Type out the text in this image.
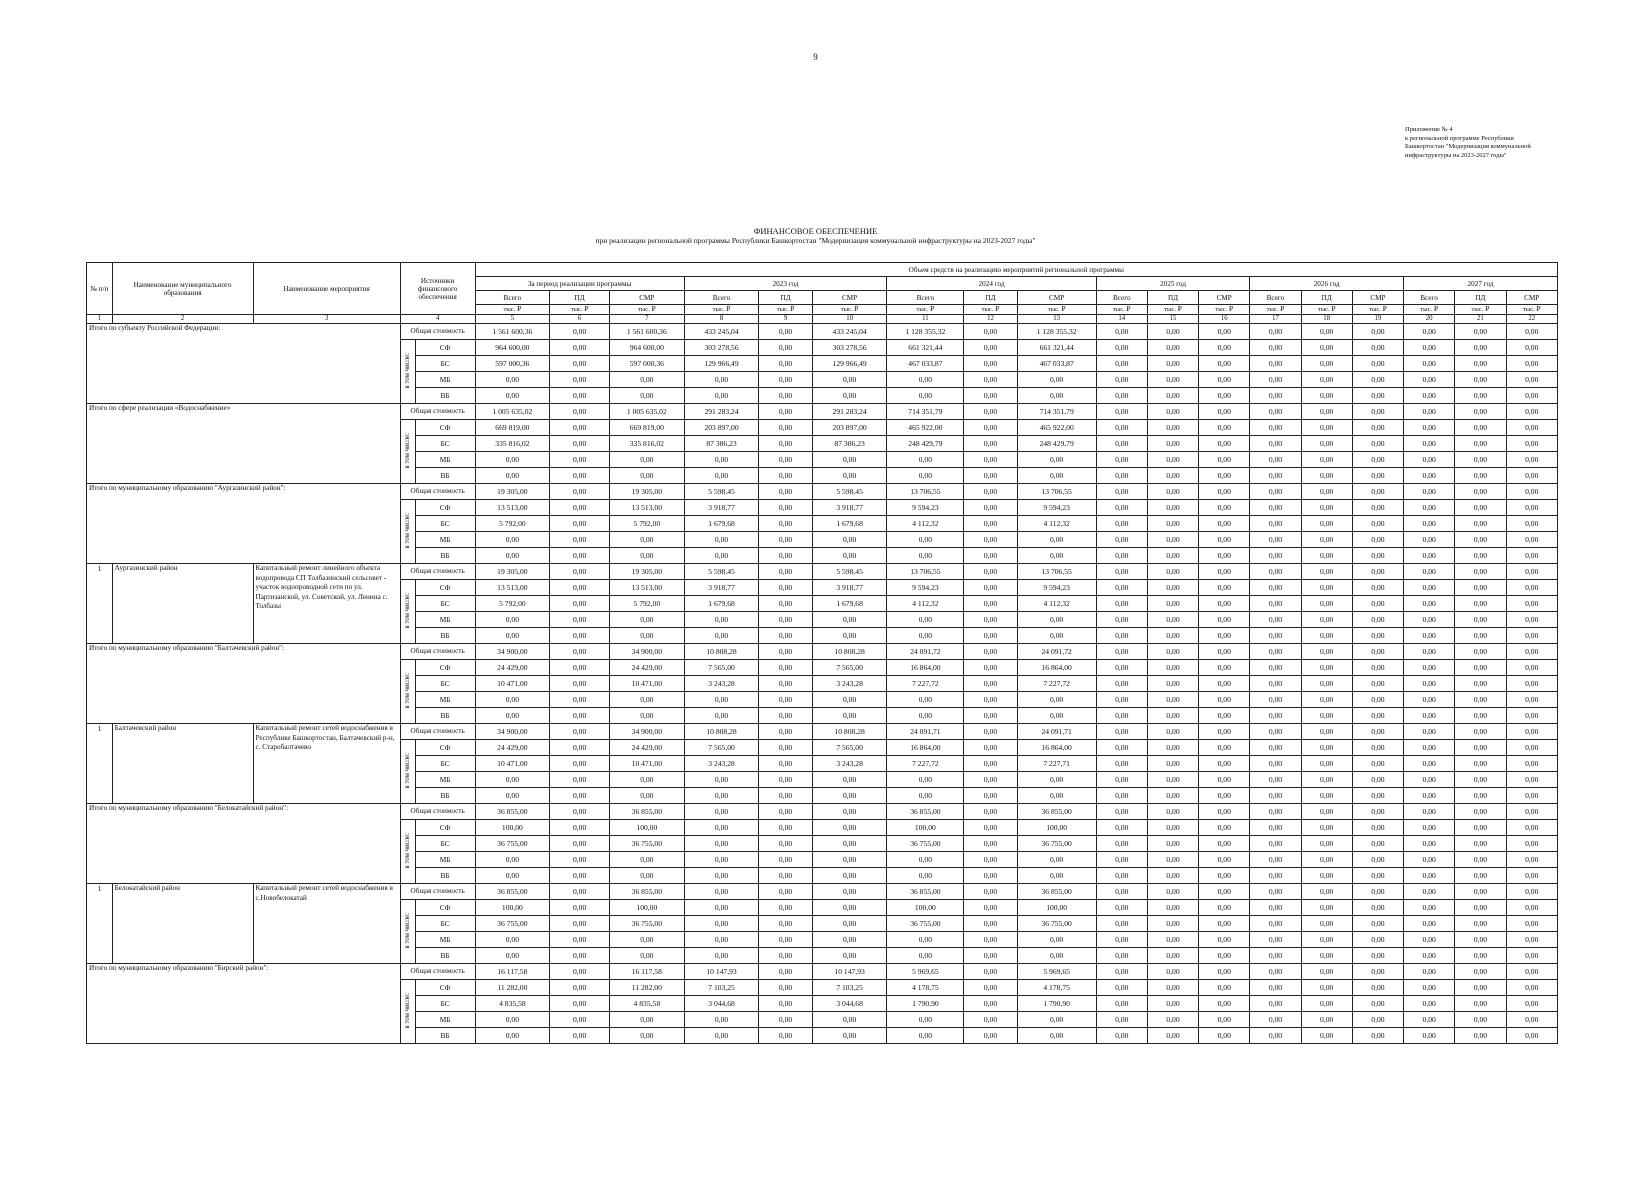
9
Приложение № 4
к региональной программе Республики
Башкортостан "Модернизация коммунальной
инфраструктуры на 2023-2027 годы"
ФИНАНСОВОЕ ОБЕСПЕЧЕНИЕ
при реализации региональной программы Республики Башкортостан "Модернизация коммунальной инфраструктуры на 2023-2027 годы"
№ п/п	Наименование муниципального образования	Наименование мероприятия	Источники финансового обеспечения		Объем средств на реализацию мероприятий региональной программы																	
					За период реализации программы			2023 год			2024 год			2025 год			2026 год			2027 год		
					Всего	ПД	СМР	Всего	ПД	СМР	Всего	ПД	СМР	Всего	ПД	СМР	Всего	ПД	СМР	Всего	ПД	СМР
					тыс. ₽	тыс. ₽	тыс. ₽	тыс. ₽	тыс. ₽	тыс. ₽	тыс. ₽	тыс. ₽	тыс. ₽	тыс. ₽	тыс. ₽	тыс. ₽	тыс. ₽	тыс. ₽	тыс. ₽	тыс. ₽	тыс. ₽	тыс. ₽
1	2	3	4		5	6	7	8	9	10	11	12	13	14	15	16	17	18	19	20	21	22
Итого по субъекту Российской Федерации:			Общая стоимость		1 561 600,36	0,00	1 561 600,36	433 245,04	0,00	433 245,04	1 128 355,32	0,00	1 128 355,32	0,00	0,00	0,00	0,00	0,00	0,00	0,00	0,00	0,00
			в том числе:	СФ	964 600,00	0,00	964 600,00	303 278,56	0,00	303 278,56	661 321,44	0,00	661 321,44	0,00	0,00	0,00	0,00	0,00	0,00	0,00	0,00	0,00
				БС	597 000,36	0,00	597 000,36	129 966,49	0,00	129 966,49	467 033,87	0,00	467 033,87	0,00	0,00	0,00	0,00	0,00	0,00	0,00	0,00	0,00
				МБ	0,00	0,00	0,00	0,00	0,00	0,00	0,00	0,00	0,00	0,00	0,00	0,00	0,00	0,00	0,00	0,00	0,00	0,00
				ВБ	0,00	0,00	0,00	0,00	0,00	0,00	0,00	0,00	0,00	0,00	0,00	0,00	0,00	0,00	0,00	0,00	0,00	0,00
Итого по сфере реализации «Водоснабжение»			Общая стоимость		1 005 635,02	0,00	1 005 635,02	291 283,24	0,00	291 283,24	714 351,79	0,00	714 351,79	0,00	0,00	0,00	0,00	0,00	0,00	0,00	0,00	0,00
			в том числе:	СФ	669 819,00	0,00	669 819,00	203 897,00	0,00	203 897,00	465 922,00	0,00	465 922,00	0,00	0,00	0,00	0,00	0,00	0,00	0,00	0,00	0,00
				БС	335 816,02	0,00	335 816,02	87 386,23	0,00	87 386,23	248 429,79	0,00	248 429,79	0,00	0,00	0,00	0,00	0,00	0,00	0,00	0,00	0,00
				МБ	0,00	0,00	0,00	0,00	0,00	0,00	0,00	0,00	0,00	0,00	0,00	0,00	0,00	0,00	0,00	0,00	0,00	0,00
				ВБ	0,00	0,00	0,00	0,00	0,00	0,00	0,00	0,00	0,00	0,00	0,00	0,00	0,00	0,00	0,00	0,00	0,00	0,00
Итого по муниципальному образованию "Аургазинский район":			Общая стоимость		19 305,00	0,00	19 305,00	5 598,45	0,00	5 598,45	13 706,55	0,00	13 706,55	0,00	0,00	0,00	0,00	0,00	0,00	0,00	0,00	0,00
			в том числе:	СФ	13 513,00	0,00	13 513,00	3 918,77	0,00	3 918,77	9 594,23	0,00	9 594,23	0,00	0,00	0,00	0,00	0,00	0,00	0,00	0,00	0,00
				БС	5 792,00	0,00	5 792,00	1 679,68	0,00	1 679,68	4 112,32	0,00	4 112,32	0,00	0,00	0,00	0,00	0,00	0,00	0,00	0,00	0,00
				МБ	0,00	0,00	0,00	0,00	0,00	0,00	0,00	0,00	0,00	0,00	0,00	0,00	0,00	0,00	0,00	0,00	0,00	0,00
				ВБ	0,00	0,00	0,00	0,00	0,00	0,00	0,00	0,00	0,00	0,00	0,00	0,00	0,00	0,00	0,00	0,00	0,00	0,00
1	Аургазинский район	Капитальный ремонт линейного объекта водопровода СП Толбазинский сельсовет - участок водопроводной сети по ул. Партизанской, ул. Советской, ул. Ленина с. Толбазы	Общая стоимость		19 305,00	0,00	19 305,00	5 598,45	0,00	5 598,45	13 706,55	0,00	13 706,55	0,00	0,00	0,00	0,00	0,00	0,00	0,00	0,00	0,00
			в том числе:	СФ	13 513,00	0,00	13 513,00	3 918,77	0,00	3 918,77	9 594,23	0,00	9 594,23	0,00	0,00	0,00	0,00	0,00	0,00	0,00	0,00	0,00
				БС	5 792,00	0,00	5 792,00	1 679,68	0,00	1 679,68	4 112,32	0,00	4 112,32	0,00	0,00	0,00	0,00	0,00	0,00	0,00	0,00	0,00
				МБ	0,00	0,00	0,00	0,00	0,00	0,00	0,00	0,00	0,00	0,00	0,00	0,00	0,00	0,00	0,00	0,00	0,00	0,00
				ВБ	0,00	0,00	0,00	0,00	0,00	0,00	0,00	0,00	0,00	0,00	0,00	0,00	0,00	0,00	0,00	0,00	0,00	0,00
Итого по муниципальному образованию "Балтачевский район":			Общая стоимость		34 900,00	0,00	34 900,00	10 808,28	0,00	10 808,28	24 091,72	0,00	24 091,72	0,00	0,00	0,00	0,00	0,00	0,00	0,00	0,00	0,00
			в том числе:	СФ	24 429,00	0,00	24 429,00	7 565,00	0,00	7 565,00	16 864,00	0,00	16 864,00	0,00	0,00	0,00	0,00	0,00	0,00	0,00	0,00	0,00
				БС	10 471,00	0,00	10 471,00	3 243,28	0,00	3 243,28	7 227,72	0,00	7 227,72	0,00	0,00	0,00	0,00	0,00	0,00	0,00	0,00	0,00
				МБ	0,00	0,00	0,00	0,00	0,00	0,00	0,00	0,00	0,00	0,00	0,00	0,00	0,00	0,00	0,00	0,00	0,00	0,00
				ВБ	0,00	0,00	0,00	0,00	0,00	0,00	0,00	0,00	0,00	0,00	0,00	0,00	0,00	0,00	0,00	0,00	0,00	0,00
1	Балтачевский район	Капитальный ремонт сетей водоснабжения в Республике Башкортостан, Балтачевский р-н, с. Старобалтачево	Общая стоимость		34 900,00	0,00	34 900,00	10 808,28	0,00	10 808,28	24 091,71	0,00	24 091,71	0,00	0,00	0,00	0,00	0,00	0,00	0,00	0,00	0,00
			в том числе:	СФ	24 429,00	0,00	24 429,00	7 565,00	0,00	7 565,00	16 864,00	0,00	16 864,00	0,00	0,00	0,00	0,00	0,00	0,00	0,00	0,00	0,00
				БС	10 471,00	0,00	10 471,00	3 243,28	0,00	3 243,28	7 227,72	0,00	7 227,71	0,00	0,00	0,00	0,00	0,00	0,00	0,00	0,00	0,00
				МБ	0,00	0,00	0,00	0,00	0,00	0,00	0,00	0,00	0,00	0,00	0,00	0,00	0,00	0,00	0,00	0,00	0,00	0,00
				ВБ	0,00	0,00	0,00	0,00	0,00	0,00	0,00	0,00	0,00	0,00	0,00	0,00	0,00	0,00	0,00	0,00	0,00	0,00
Итого по муниципальному образованию "Белокатайский район":			Общая стоимость		36 855,00	0,00	36 855,00	0,00	0,00	0,00	36 855,00	0,00	36 855,00	0,00	0,00	0,00	0,00	0,00	0,00	0,00	0,00	0,00
			в том числе:	СФ	100,00	0,00	100,00	0,00	0,00	0,00	100,00	0,00	100,00	0,00	0,00	0,00	0,00	0,00	0,00	0,00	0,00	0,00
				БС	36 755,00	0,00	36 755,00	0,00	0,00	0,00	36 755,00	0,00	36 755,00	0,00	0,00	0,00	0,00	0,00	0,00	0,00	0,00	0,00
				МБ	0,00	0,00	0,00	0,00	0,00	0,00	0,00	0,00	0,00	0,00	0,00	0,00	0,00	0,00	0,00	0,00	0,00	0,00
				ВБ	0,00	0,00	0,00	0,00	0,00	0,00	0,00	0,00	0,00	0,00	0,00	0,00	0,00	0,00	0,00	0,00	0,00	0,00
1	Белокатайский район	Капитальный ремонт сетей водоснабжения в с.Новобелокатай	Общая стоимость		36 855,00	0,00	36 855,00	0,00	0,00	0,00	36 855,00	0,00	36 855,00	0,00	0,00	0,00	0,00	0,00	0,00	0,00	0,00	0,00
			в том числе:	СФ	100,00	0,00	100,00	0,00	0,00	0,00	100,00	0,00	100,00	0,00	0,00	0,00	0,00	0,00	0,00	0,00	0,00	0,00
				БС	36 755,00	0,00	36 755,00	0,00	0,00	0,00	36 755,00	0,00	36 755,00	0,00	0,00	0,00	0,00	0,00	0,00	0,00	0,00	0,00
				МБ	0,00	0,00	0,00	0,00	0,00	0,00	0,00	0,00	0,00	0,00	0,00	0,00	0,00	0,00	0,00	0,00	0,00	0,00
				ВБ	0,00	0,00	0,00	0,00	0,00	0,00	0,00	0,00	0,00	0,00	0,00	0,00	0,00	0,00	0,00	0,00	0,00	0,00
Итого по муниципальному образованию "Бирский район":			Общая стоимость		16 117,58	0,00	16 117,58	10 147,93	0,00	10 147,93	5 969,65	0,00	5 969,65	0,00	0,00	0,00	0,00	0,00	0,00	0,00	0,00	0,00
			в том числе:	СФ	11 282,00	0,00	11 282,00	7 103,25	0,00	7 103,25	4 178,75	0,00	4 178,75	0,00	0,00	0,00	0,00	0,00	0,00	0,00	0,00	0,00
				БС	4 835,58	0,00	4 835,58	3 044,68	0,00	3 044,68	1 790,90	0,00	1 790,90	0,00	0,00	0,00	0,00	0,00	0,00	0,00	0,00	0,00
				МБ	0,00	0,00	0,00	0,00	0,00	0,00	0,00	0,00	0,00	0,00	0,00	0,00	0,00	0,00	0,00	0,00	0,00	0,00
				ВБ	0,00	0,00	0,00	0,00	0,00	0,00	0,00	0,00	0,00	0,00	0,00	0,00	0,00	0,00	0,00	0,00	0,00	0,00
